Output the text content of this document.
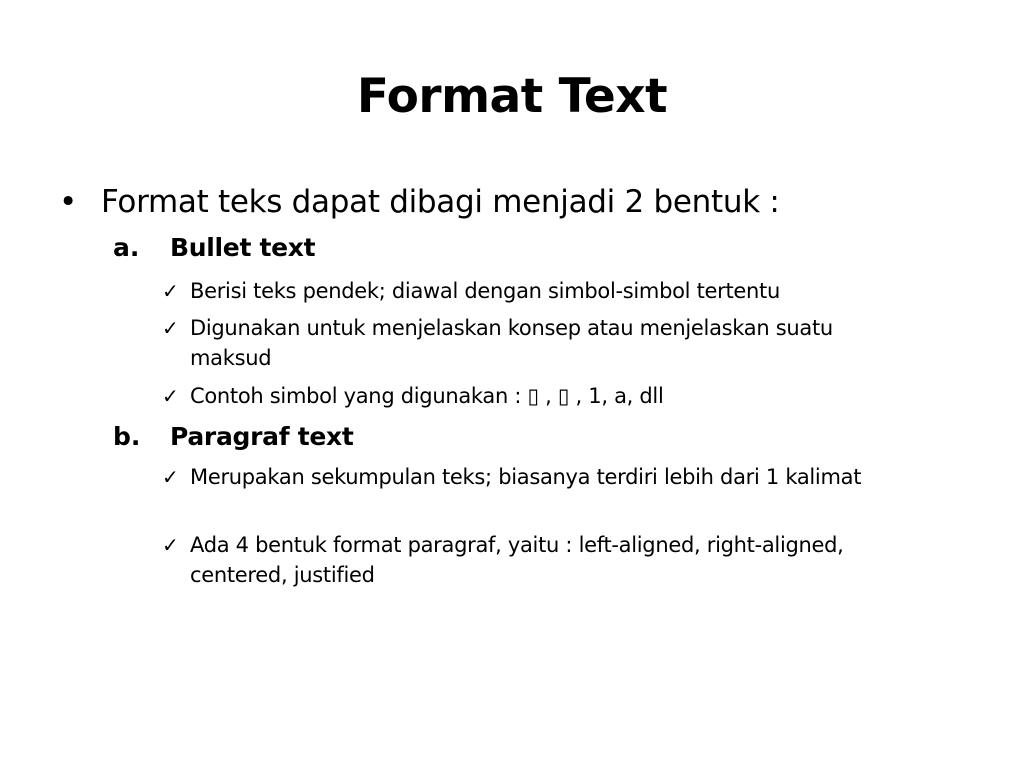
Format Text
• Format teks dapat dibagi menjadi 2 bentuk :
a. Bullet text
✓ Berisi teks pendek; diawal dengan simbol-simbol tertentu
✓ Digunakan untuk menjelaskan konsep atau menjelaskan suatu maksud
✓ Contoh simbol yang digunakan : ▯ , ▯ , 1, a, dll
b. Paragraf text
✓ Merupakan sekumpulan teks; biasanya terdiri lebih dari 1 kalimat
✓ Ada 4 bentuk format paragraf, yaitu : left-aligned, right-aligned, centered, justified
